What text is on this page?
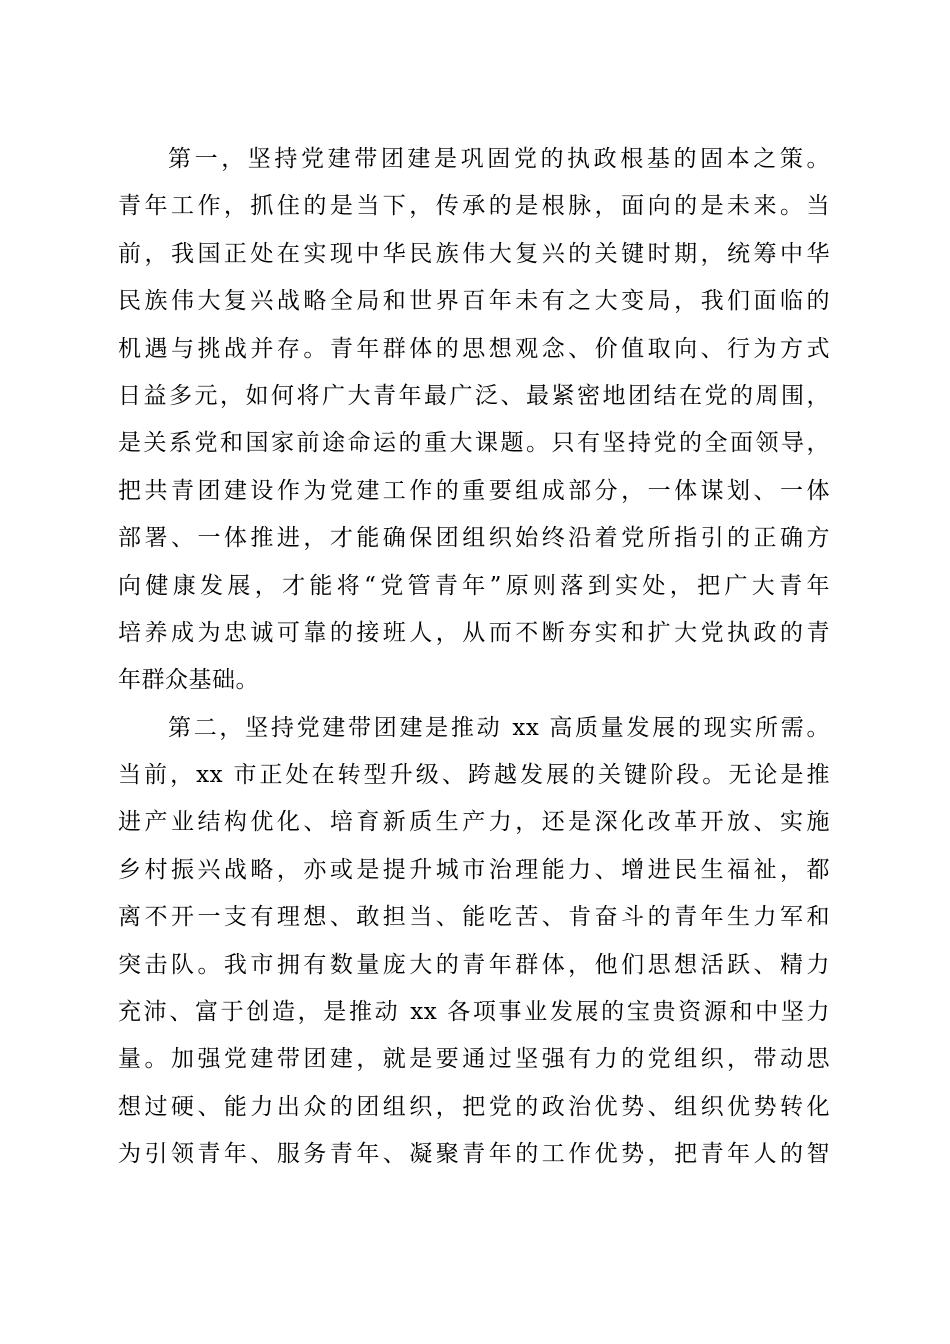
第一，坚持党建带团建是巩固党的执政根基的固本之策。
青年工作，抓住的是当下，传承的是根脉，面向的是未来。当
前，我国正处在实现中华民族伟大复兴的关键时期，统筹中华
民族伟大复兴战略全局和世界百年未有之大变局，我们面临的
机遇与挑战并存。青年群体的思想观念、价值取向、行为方式
日益多元，如何将广大青年最广泛、最紧密地团结在党的周围，
是关系党和国家前途命运的重大课题。只有坚持党的全面领导，
把共青团建设作为党建工作的重要组成部分，一体谋划、一体
部署、一体推进，才能确保团组织始终沿着党所指引的正确方
向健康发展，才能将“党管青年”原则落到实处，把广大青年
培养成为忠诚可靠的接班人，从而不断夯实和扩大党执政的青
年群众基础。
第二，坚持党建带团建是推动 xx 高质量发展的现实所需。
当前，xx 市正处在转型升级、跨越发展的关键阶段。无论是推
进产业结构优化、培育新质生产力，还是深化改革开放、实施
乡村振兴战略，亦或是提升城市治理能力、增进民生福祉，都
离不开一支有理想、敢担当、能吃苦、肯奋斗的青年生力军和
突击队。我市拥有数量庞大的青年群体，他们思想活跃、精力
充沛、富于创造，是推动 xx 各项事业发展的宝贵资源和中坚力
量。加强党建带团建，就是要通过坚强有力的党组织，带动思
想过硬、能力出众的团组织，把党的政治优势、组织优势转化
为引领青年、服务青年、凝聚青年的工作优势，把青年人的智
